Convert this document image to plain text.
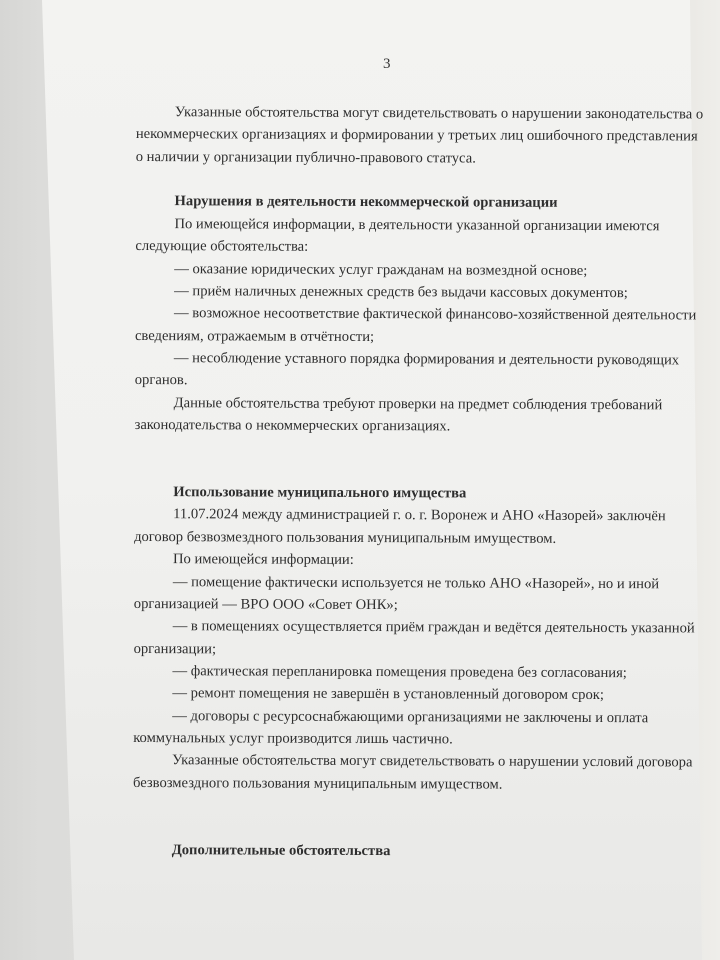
3
Указанные обстоятельства могут свидетельствовать о нарушении законодательства о
некоммерческих организациях и формировании у третьих лиц ошибочного представления
о наличии у организации публично-правового статуса.
Нарушения в деятельности некоммерческой организации
По имеющейся информации, в деятельности указанной организации имеются
следующие обстоятельства:
— оказание юридических услуг гражданам на возмездной основе;
— приём наличных денежных средств без выдачи кассовых документов;
— возможное несоответствие фактической финансово-хозяйственной деятельности
сведениям, отражаемым в отчётности;
— несоблюдение уставного порядка формирования и деятельности руководящих
органов.
Данные обстоятельства требуют проверки на предмет соблюдения требований
законодательства о некоммерческих организациях.
Использование муниципального имущества
11.07.2024 между администрацией г. о. г. Воронеж и АНО «Назорей» заключён
договор безвозмездного пользования муниципальным имуществом.
По имеющейся информации:
— помещение фактически используется не только АНО «Назорей», но и иной
организацией — ВРО ООО «Совет ОНК»;
— в помещениях осуществляется приём граждан и ведётся деятельность указанной
организации;
— фактическая перепланировка помещения проведена без согласования;
— ремонт помещения не завершён в установленный договором срок;
— договоры с ресурсоснабжающими организациями не заключены и оплата
коммунальных услуг производится лишь частично.
Указанные обстоятельства могут свидетельствовать о нарушении условий договора
безвозмездного пользования муниципальным имуществом.
Дополнительные обстоятельства
